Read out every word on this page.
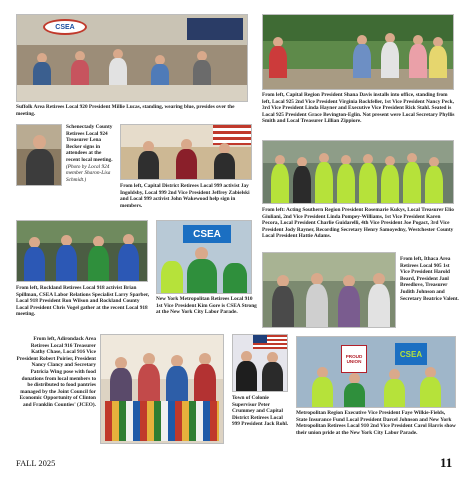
CSEA
Suffolk Area Retirees Local 920 President Millie Lucas, standing, wearing blue, presides over the meeting.
From left, Capital Region President Shana Davis installs into office, standing from left, Local 925 2nd Vice President Virginia Rockfeller, 1st Vice President Nancy Peck, 3rd Vice President Linda Hayner and Executive Vice President Rick Stahl. Seated is Local 925 President Grace Bevington-Eglin. Not present were Local Secretary Phyllis Smith and Local Treasurer Lillian Zippiore.
Schenectady County Retirees Local 924 Treasurer Lena Becker signs in attendees at the recent local meeting. (Photo by Local 924 member Sharon-Lisa Schmidt.)
From left, Capital District Retirees Local 999 activist Jay Ingoldsby, Local 999 2nd Vice President Jeffrey Zabielski and Local 999 activist John Wakewood help sign in members.
From left: Acting Southern Region President Rosemarie Kukys, Local Treasurer Elio Giuliani, 2nd Vice President Linda Pompey-Williams, 1st Vice President Karen Pecora, Local President Charlie Guidarelli, 4th Vice President Joe Pogact, 3rd Vice President Jody Rayner, Recording Secretary Henry Samoyedny, Westchester County Local President Hattie Adams.
From left, Rockland Retirees Local 918 activist Brian Spillman, CSEA Labor Relations Specialist Larry Sparber, Local 918 President Ron Wilson and Rockland County Local President Chris Vogel gather at the recent Local 918 meeting.
CSEA
New York Metropolitan Retirees Local 910 1st Vice President Kim Gore is CSEA Strong at the New York City Labor Parade.
From left, Ithaca Area Retirees Local 905 1st Vice President Harold Beard, President Janl Breedlove, Treasurer Judith Johnson and Secretary Beatrice Valent.
From left, Adirondack Area Retirees Local 916 Treasurer Kathy Chase, Local 916 Vice President Robert Poirier, President Nancy Clancy and Secretary Patricia Wing pose with food donations from local members to be distributed to food pantries managed by the Joint Council for Economic Opportunity of Clinton and Franklin Counties' (JCEO).
Town of Colonie Supervisor Peter Crummey and Capital District Retirees Local 999 President Jack Rohl.
PROUD UNION
CSEA
Metropolitan Region Executive Vice President Faye Wilkie-Fields, State Insurance Fund Local President Darcel Johnson and New York Metropolitan Retirees Local 910 2nd Vice President Carol Harris show their union pride at the New York City Labor Parade.
FALL 2025	11
